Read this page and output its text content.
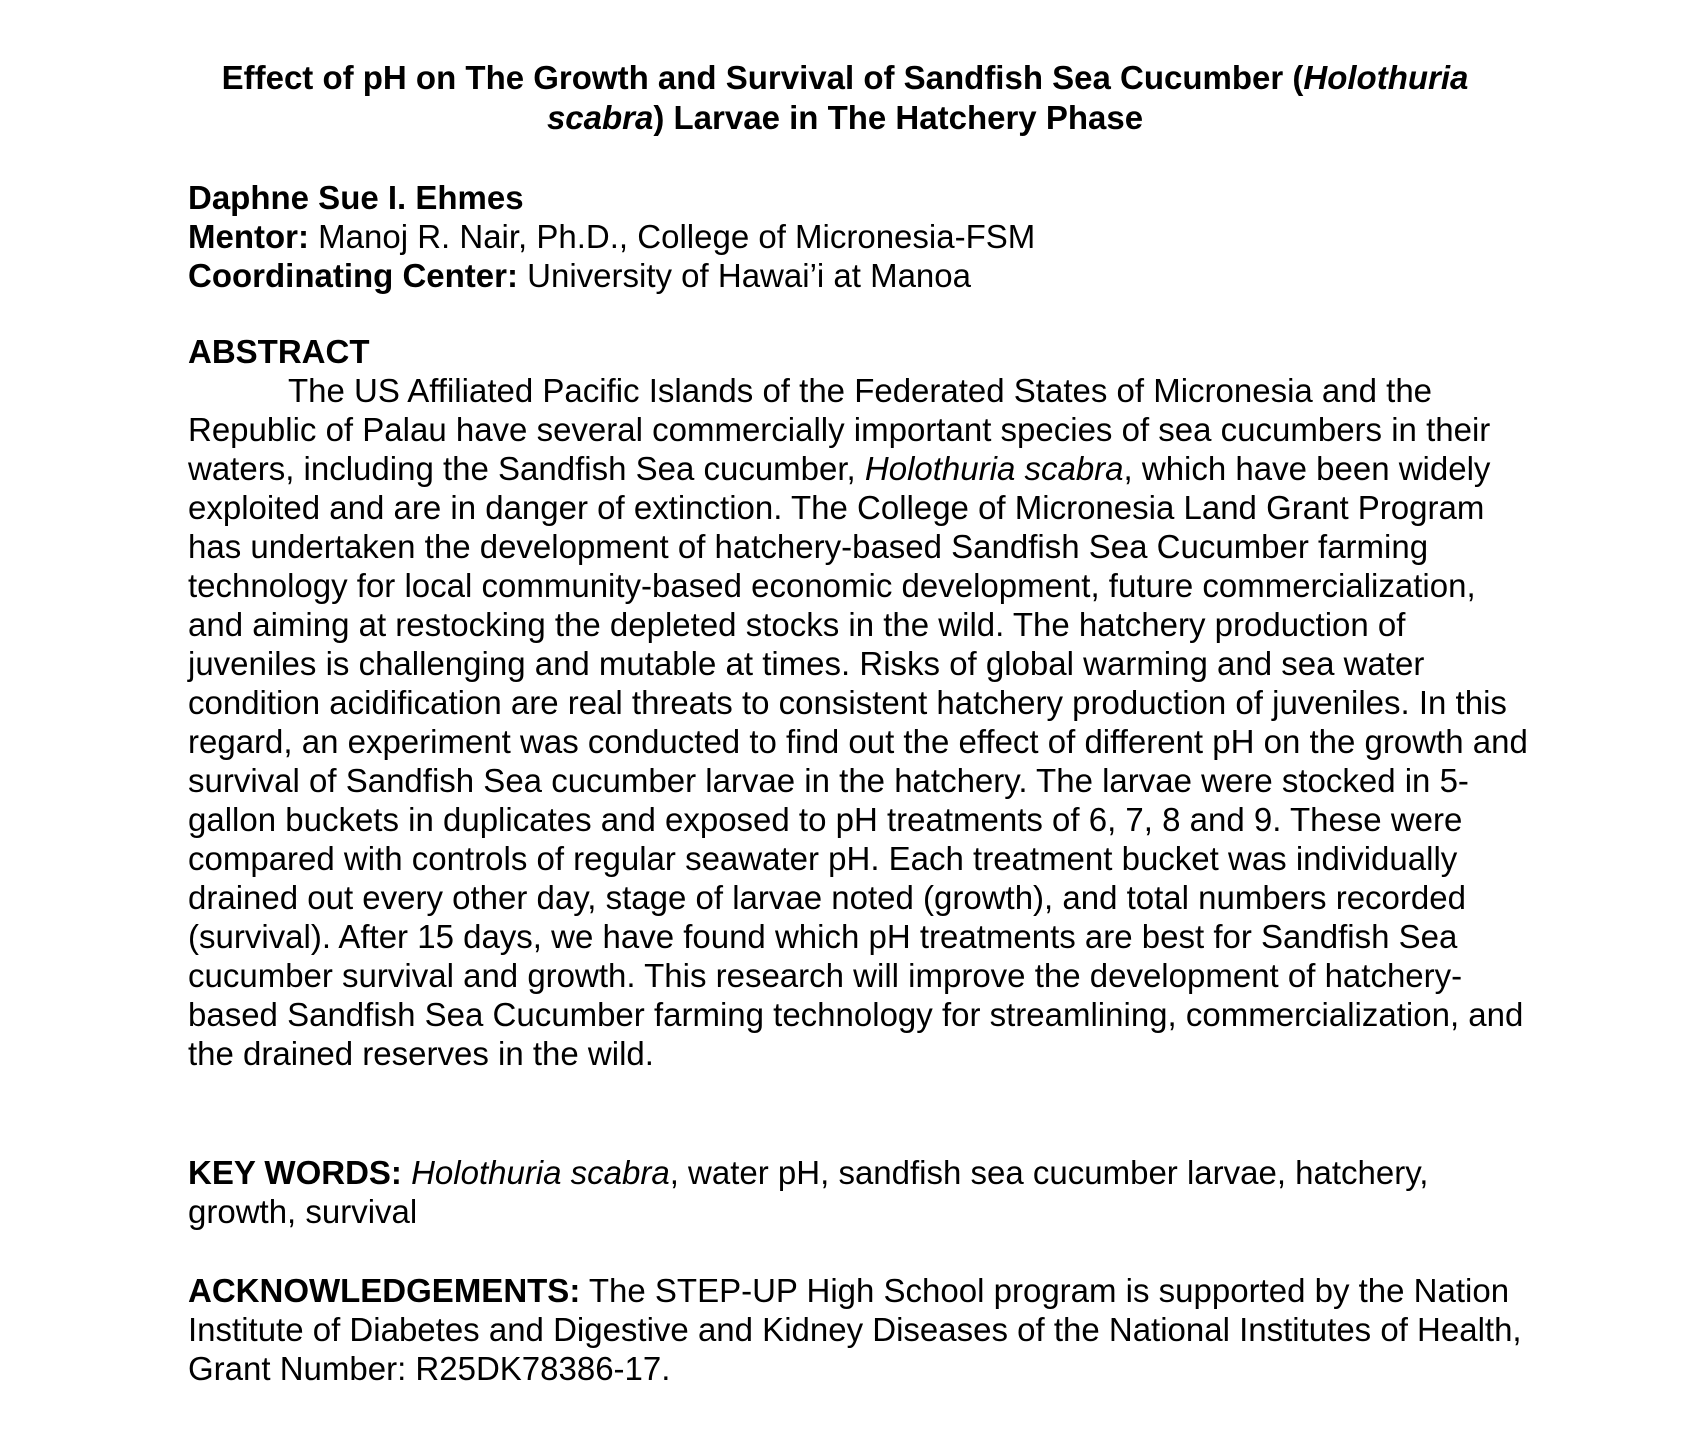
Effect of pH on The Growth and Survival of Sandfish Sea Cucumber (Holothuria
scabra) Larvae in The Hatchery Phase
Daphne Sue I. Ehmes
Mentor: Manoj R. Nair, Ph.D., College of Micronesia-FSM
Coordinating Center: University of Hawai’i at Manoa
ABSTRACT

The US Affiliated Pacific Islands of the Federated States of Micronesia and the Republic of Palau have several commercially important species of sea cucumbers in their waters, including the Sandfish Sea cucumber, Holothuria scabra, which have been widely exploited and are in danger of extinction. The College of Micronesia Land Grant Program has undertaken the development of hatchery-based Sandfish Sea Cucumber farming technology for local community-based economic development, future commercialization, and aiming at restocking the depleted stocks in the wild. The hatchery production of juveniles is challenging and mutable at times. Risks of global warming and sea water condition acidification are real threats to consistent hatchery production of juveniles. In this regard, an experiment was conducted to find out the effect of different pH on the growth and survival of Sandfish Sea cucumber larvae in the hatchery. The larvae were stocked in 5-gallon buckets in duplicates and exposed to pH treatments of 6, 7, 8 and 9. These were compared with controls of regular seawater pH. Each treatment bucket was individually drained out every other day, stage of larvae noted (growth), and total numbers recorded (survival). After 15 days, we have found which pH treatments are best for Sandfish Sea cucumber survival and growth. This research will improve the development of hatchery-based Sandfish Sea Cucumber farming technology for streamlining, commercialization, and the drained reserves in the wild.

KEY WORDS: Holothuria scabra, water pH, sandfish sea cucumber larvae, hatchery, growth, survival
ACKNOWLEDGEMENTS: The STEP-UP High School program is supported by the Nation Institute of Diabetes and Digestive and Kidney Diseases of the National Institutes of Health, Grant Number: R25DK78386-17.
